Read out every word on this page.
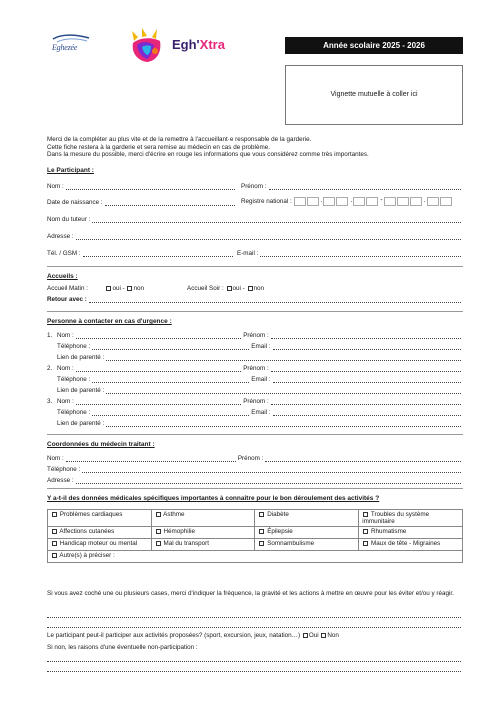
Eghezée	Egh'Xtra	Année scolaire 2025 - 2026
Vignette mutuelle à coller ici
Merci de la compléter au plus vite et de la remettre à l'accueillant·e responsable de la garderie.
Cette fiche restera à la garderie et sera remise au médecin en cas de problème.
Dans la mesure du possible, merci d'écrire en rouge les informations que vous considérez comme très importantes.
Le Participant :
Nom :	Prénom :
Date de naissance :	Registre national :	.	.	-	.
Nom du tuteur :
Adresse :
Tél. / GSM :	E-mail :
Accueils :
Accueil Matin :	oui - non	Accueil Soir : oui - non
Retour avec :
Personne à contacter en cas d'urgence :
1. Nom :	Prénom :
Téléphone :	Email :
Lien de parenté :
2. Nom :	Prénom :
Téléphone :	Email :
Lien de parenté :
3. Nom :	Prénom :
Téléphone :	Email :
Lien de parenté :
Coordonnées du médecin traitant :
Nom :	Prénom :
Téléphone :
Adresse :
Y a-t-il des données médicales spécifiques importantes à connaître pour le bon déroulement des activités ?
Problèmes cardiaques	Asthme	Diabète	Troubles du système immunitaire
Affections cutanées	Hémophilie	Épilepsie	Rhumatisme
Handicap moteur ou mental	Mal du transport	Somnambulisme	Maux de tête - Migraines
Autre(s) à préciser :			
Si vous avez coché une ou plusieurs cases, merci d'indiquer la fréquence, la gravité et les actions à mettre en œuvre pour les éviter et/ou y réagir.
Le participant peut-il participer aux activités proposées? (sport, excursion, jeux, natation…) Oui Non
Si non, les raisons d'une éventuelle non-participation :
